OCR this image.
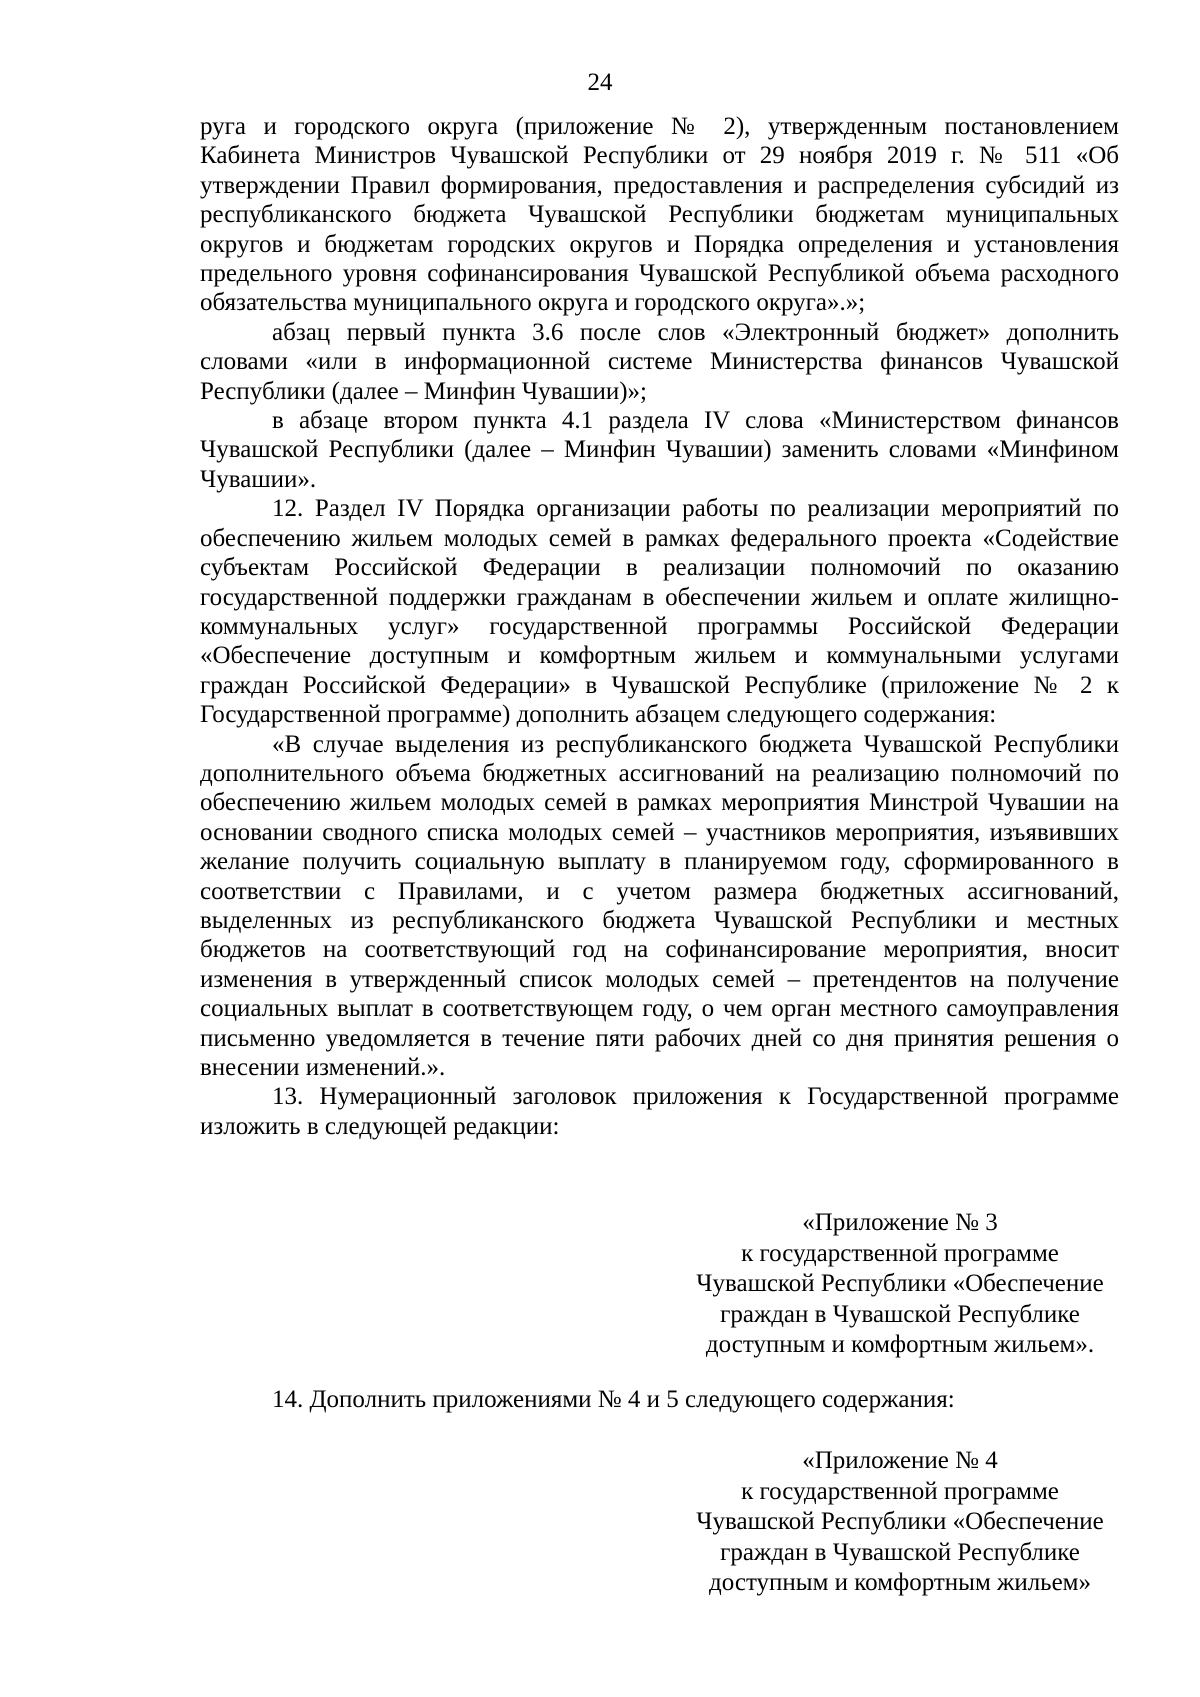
24

руга и городского округа (приложение № 2), утвержденным постановлением Кабинета Министров Чувашской Республики от 29 ноября 2019 г. № 511 «Об утверждении Правил формирования, предоставления и распределения субсидий из республиканского бюджета Чувашской Республики бюджетам муниципальных округов и бюджетам городских округов и Порядка определения и установления предельного уровня софинансирования Чувашской Республикой объема расходного обязательства муниципального округа и городского округа».»;

абзац первый пункта 3.6 после слов «Электронный бюджет» дополнить словами «или в информационной системе Министерства финансов Чувашской Республики (далее – Минфин Чувашии)»;

в абзаце втором пункта 4.1 раздела IV слова «Министерством финансов Чувашской Республики (далее – Минфин Чувашии) заменить словами «Минфином Чувашии».

12. Раздел IV Порядка организации работы по реализации мероприятий по обеспечению жильем молодых семей в рамках федерального проекта «Содействие субъектам Российской Федерации в реализации полномочий по оказанию государственной поддержки гражданам в обеспечении жильем и оплате жилищно-коммунальных услуг» государственной программы Российской Федерации «Обеспечение доступным и комфортным жильем и коммунальными услугами граждан Российской Федерации» в Чувашской Республике (приложение № 2 к Государственной программе) дополнить абзацем следующего содержания:

«В случае выделения из республиканского бюджета Чувашской Республики дополнительного объема бюджетных ассигнований на реализацию полномочий по обеспечению жильем молодых семей в рамках мероприятия Минстрой Чувашии на основании сводного списка молодых семей – участников мероприятия, изъявивших желание получить социальную выплату в планируемом году, сформированного в соответствии с Правилами, и с учетом размера бюджетных ассигнований, выделенных из республиканского бюджета Чувашской Республики и местных бюджетов на соответствующий год на софинансирование мероприятия, вносит изменения в утвержденный список молодых семей – претендентов на получение социальных выплат в соответствующем году, о чем орган местного самоуправления письменно уведомляется в течение пяти рабочих дней со дня принятия решения о внесении изменений.».

13. Нумерационный заголовок приложения к Государственной программе изложить в следующей редакции:

«Приложение № 3
к государственной программе
Чувашской Республики «Обеспечение
граждан в Чувашской Республике
доступным и комфортным жильем».
14. Дополнить приложениями № 4 и 5 следующего содержания:
«Приложение № 4
к государственной программе
Чувашской Республики «Обеспечение
граждан в Чувашской Республике
доступным и комфортным жильем»
